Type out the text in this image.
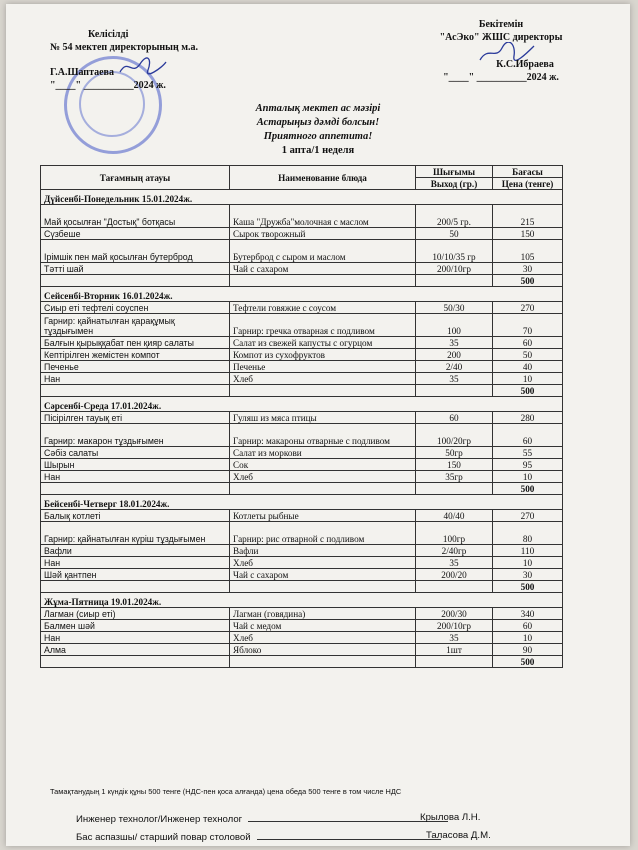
Келісілді
№ 54 мектеп директорының м.а.
Г.А.Шаптаева
"____" __________2024 ж.
Бекітемін
"АсЭко" ЖШС директоры
К.С.Ибраева
"____" __________2024 ж.
Апталық мектеп ас мәзірі
Астарыңыз дәмді болсын!
Приятного аппетита!
1 апта/1 неделя
Тағамның атауы	Наименование блюда	Шығымы	Бағасы
		Выход (гр.)	Цена (тенге)
Дүйсенбі-Понедельник 15.01.2024ж.			
Май қосылған "Достық" ботқасы	Каша "Дружба"молочная с маслом	200/5 гр.	215
Сүзбеше	Сырок творожный	50	150
Ірімшік пен май қосылған бутерброд	Бутерброд с сыром и маслом	10/10/35 гр	105
Тәтті шай	Чай с сахаром	200/10гр	30
			500
Сейсенбі-Вторник 16.01.2024ж.			
Сиыр еті тефтелі соуспен	Тефтели говяжие с соусом	50/30	270
Гарнир: қайнатылған қарақұмық тұздығымен	Гарнир: гречка отварная с подливом	100	70
Балғын қырыққабат пен қияр салаты	Салат из свежей капусты с огурцом	35	60
Кептірілген жемістен компот	Компот из сухофруктов	200	50
Печенье	Печенье	2/40	40
Нан	Хлеб	35	10
			500
Сәрсенбі-Среда 17.01.2024ж.			
Пісірілген тауық еті	Гуляш из мяса птицы	60	280
Гарнир: макарон тұздығымен	Гарнир: макароны отварные с подливом	100/20гр	60
Сәбіз салаты	Салат из моркови	50гр	55
Шырын	Сок	150	95
Нан	Хлеб	35гр	10
			500
Бейсенбі-Четверг 18.01.2024ж.			
Балық котлеті	Котлеты рыбные	40/40	270
Гарнир: қайнатылған күріш тұздығымен	Гарнир: рис отварной с подливом	100гр	80
Вафли	Вафли	2/40гр	110
Нан	Хлеб	35	10
Шәй қантпен	Чай с сахаром	200/20	30
			500
Жұма-Пятница 19.01.2024ж.			
Лагман (сиыр еті)	Лагман (говядина)	200/30	340
Балмен шәй	Чай с медом	200/10гр	60
Нан	Хлеб	35	10
Алма	Яблоко	1шт	90
			500
Тамақтанудың 1 күндік құны 500 тенге (НДС-пен қоса алғанда) цена обеда 500 тенге в том числе НДС
Инженер технолог/Инженер технолог	Крылова Л.Н.
Бас аспазшы/ старший повар столовой	Таласова Д.М.
